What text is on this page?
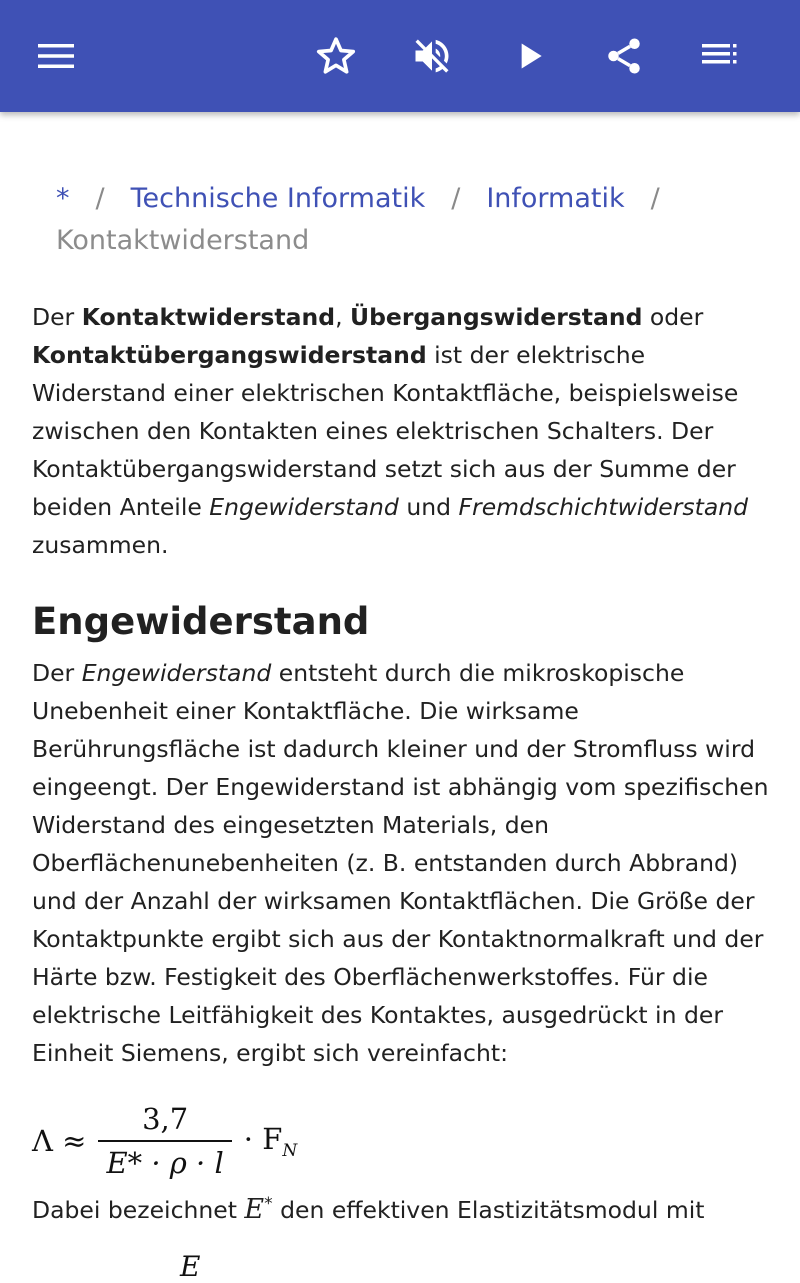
* / Technische Informatik / Informatik /
Kontaktwiderstand

Der Kontaktwiderstand, Übergangswiderstand oder Kontaktübergangswiderstand ist der elektrische Widerstand einer elektrischen Kontaktfläche, beispielsweise zwischen den Kontakten eines elektrischen Schalters. Der Kontaktübergangswiderstand setzt sich aus der Summe der beiden Anteile Engewiderstand und Fremdschichtwiderstand zusammen.

Engewiderstand

Der Engewiderstand entsteht durch die mikroskopische Unebenheit einer Kontaktfläche. Die wirksame Berührungsfläche ist dadurch kleiner und der Stromfluss wird eingeengt. Der Engewiderstand ist abhängig vom spezifischen Widerstand des eingesetzten Materials, den Oberflächenunebenheiten (z. B. entstanden durch Abbrand) und der Anzahl der wirksamen Kontaktflächen. Die Größe der Kontaktpunkte ergibt sich aus der Kontaktnormalkraft und der Härte bzw. Festigkeit des Oberflächenwerkstoffes. Für die elektrische Leitfähigkeit des Kontaktes, ausgedrückt in der Einheit Siemens, ergibt sich vereinfacht:

$\Lambda \approx \frac{3,7}{E* \cdot \rho \cdot l} \cdot F_N$

Dabei bezeichnet E* den effektiven Elastizitätsmodul mit

E
